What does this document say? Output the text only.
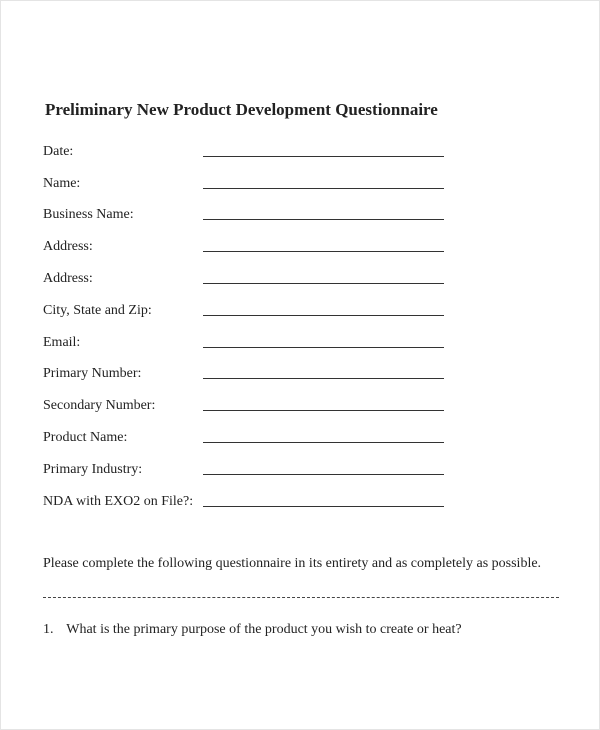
Preliminary New Product Development Questionnaire
Date:
Name:
Business Name:
Address:
Address:
City, State and Zip:
Email:
Primary Number:
Secondary Number:
Product Name:
Primary Industry:
NDA with EXO2 on File?:
Please complete the following questionnaire in its entirety and as completely as possible.
1. What is the primary purpose of the product you wish to create or heat?
